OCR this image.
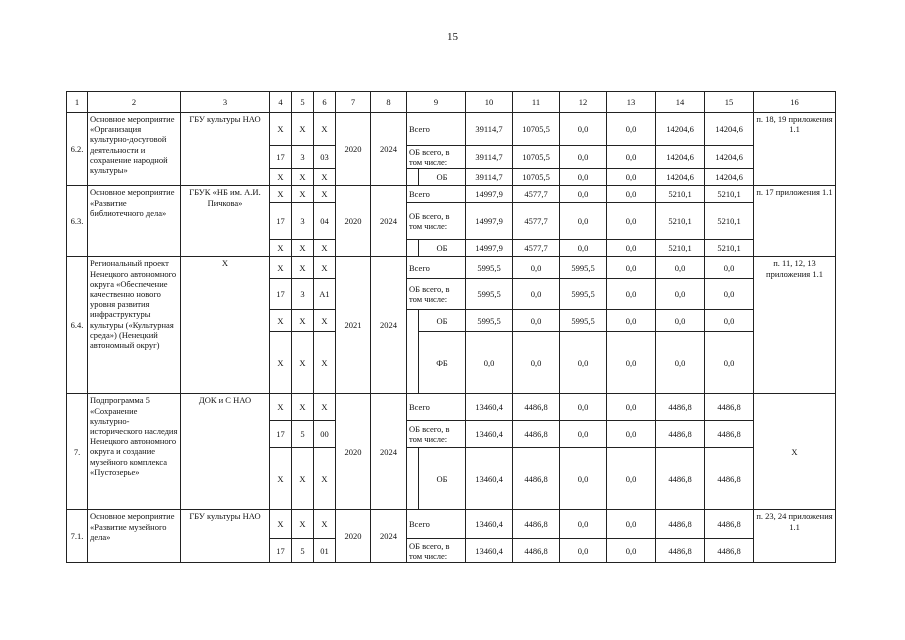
15
1	2	3	4	5	6	7	8	9		10	11	12	13	14	15	16
6.2.	Основное мероприятие «Организация культурно-досуговой деятельности и сохранение народной культуры»	ГБУ культуры НАО	X	X	X	2020	2024	Всего		39114,7	10705,5	0,0	0,0	14204,6	14204,6	п. 18, 19 приложения 1.1
			17	3	03			ОБ всего, в том числе:		39114,7	10705,5	0,0	0,0	14204,6	14204,6	
			X	X	X				ОБ	39114,7	10705,5	0,0	0,0	14204,6	14204,6	
6.3.	Основное мероприятие «Развитие библиотечного дела»	ГБУК «НБ им. А.И. Пичкова»	X	X	X	2020	2024	Всего		14997,9	4577,7	0,0	0,0	5210,1	5210,1	п. 17 приложения 1.1
			17	3	04			ОБ всего, в том числе:		14997,9	4577,7	0,0	0,0	5210,1	5210,1	
			X	X	X				ОБ	14997,9	4577,7	0,0	0,0	5210,1	5210,1	
6.4.	Региональный проект Ненецкого автономного округа «Обеспечение качественно нового уровня развития инфраструктуры культуры («Культурная среда») (Ненецкий автономный округ)	X	X	X	X	2021	2024	Всего		5995,5	0,0	5995,5	0,0	0,0	0,0	п. 11, 12, 13 приложения 1.1
			17	3	A1			ОБ всего, в том числе:		5995,5	0,0	5995,5	0,0	0,0	0,0	
			X	X	X				ОБ	5995,5	0,0	5995,5	0,0	0,0	0,0	
			X	X	X				ФБ	0,0	0,0	0,0	0,0	0,0	0,0	
7.	Подпрограмма 5 «Сохранение культурно-исторического наследия Ненецкого автономного округа и создание музейного комплекса «Пустозерье»	ДОК и С НАО	X	X	X	2020	2024	Всего		13460,4	4486,8	0,0	0,0	4486,8	4486,8	X
			17	5	00			ОБ всего, в том числе:		13460,4	4486,8	0,0	0,0	4486,8	4486,8	
			X	X	X				ОБ	13460,4	4486,8	0,0	0,0	4486,8	4486,8	
7.1.	Основное мероприятие «Развитие музейного дела»	ГБУ культуры НАО	X	X	X	2020	2024	Всего		13460,4	4486,8	0,0	0,0	4486,8	4486,8	п. 23, 24 приложения 1.1
			17	5	01			ОБ всего, в том числе:		13460,4	4486,8	0,0	0,0	4486,8	4486,8	
